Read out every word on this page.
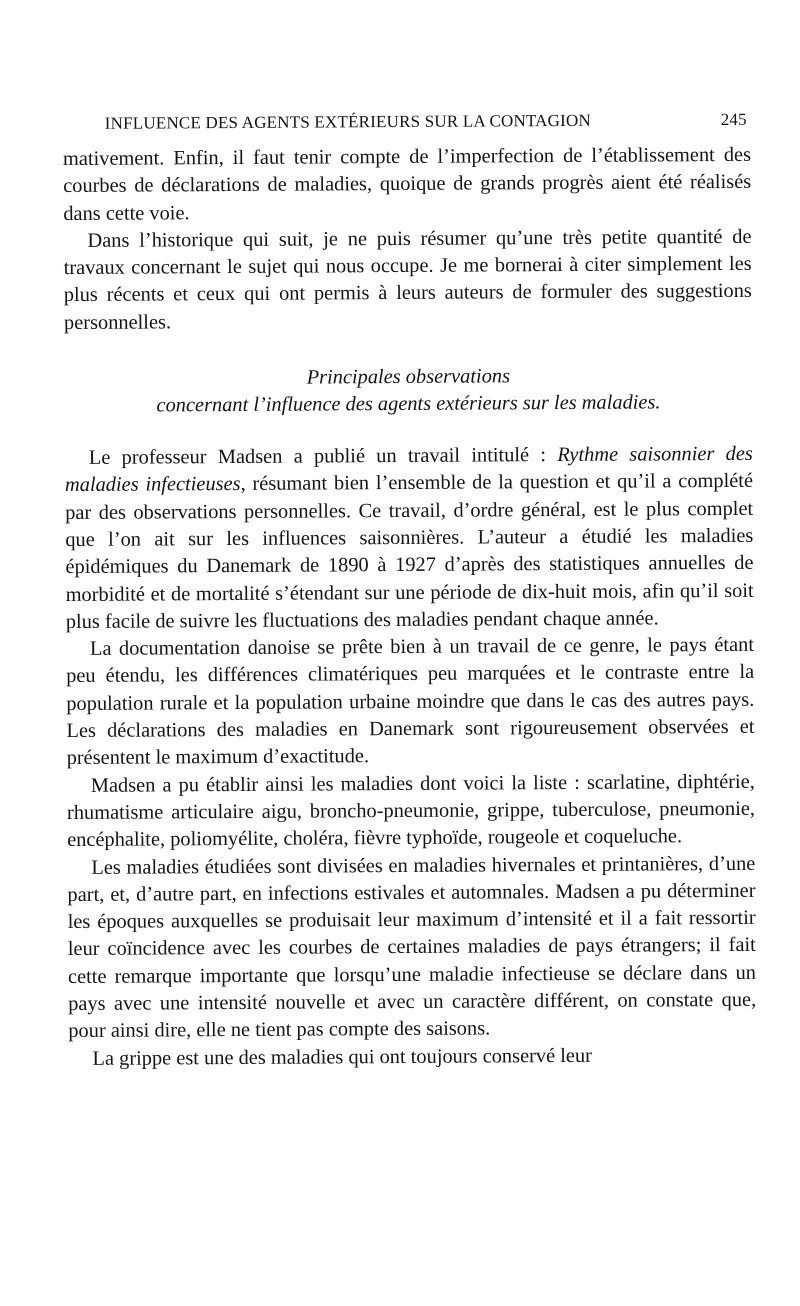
INFLUENCE DES AGENTS EXTÉRIEURS SUR LA CONTAGION	245

mativement. Enfin, il faut tenir compte de l’imperfection de l’établissement des courbes de déclarations de maladies, quoique de grands progrès aient été réalisés dans cette voie.

Dans l’historique qui suit, je ne puis résumer qu’une très petite quantité de travaux concernant le sujet qui nous occupe. Je me bornerai à citer simplement les plus récents et ceux qui ont permis à leurs auteurs de formuler des suggestions personnelles.

Principales observations
concernant l’influence des agents extérieurs sur les maladies.

Le professeur Madsen a publié un travail intitulé : Rythme saisonnier des maladies infectieuses, résumant bien l’ensemble de la question et qu’il a complété par des observations personnelles. Ce travail, d’ordre général, est le plus complet que l’on ait sur les influences saisonnières. L’auteur a étudié les maladies épidémiques du Danemark de 1890 à 1927 d’après des statistiques annuelles de morbidité et de mortalité s’étendant sur une période de dix-huit mois, afin qu’il soit plus facile de suivre les fluctuations des maladies pendant chaque année.

La documentation danoise se prête bien à un travail de ce genre, le pays étant peu étendu, les différences climatériques peu marquées et le contraste entre la population rurale et la population urbaine moindre que dans le cas des autres pays. Les déclarations des maladies en Danemark sont rigoureusement observées et présentent le maximum d’exactitude.

Madsen a pu établir ainsi les maladies dont voici la liste : scarlatine, diphtérie, rhumatisme articulaire aigu, broncho-pneumonie, grippe, tuberculose, pneumonie, encéphalite, poliomyélite, choléra, fièvre typhoïde, rougeole et coqueluche.

Les maladies étudiées sont divisées en maladies hivernales et printanières, d’une part, et, d’autre part, en infections estivales et automnales. Madsen a pu déterminer les époques auxquelles se produisait leur maximum d’intensité et il a fait ressortir leur coïncidence avec les courbes de certaines maladies de pays étrangers; il fait cette remarque importante que lorsqu’une maladie infectieuse se déclare dans un pays avec une intensité nouvelle et avec un caractère différent, on constate que, pour ainsi dire, elle ne tient pas compte des saisons.

La grippe est une des maladies qui ont toujours conservé leur
